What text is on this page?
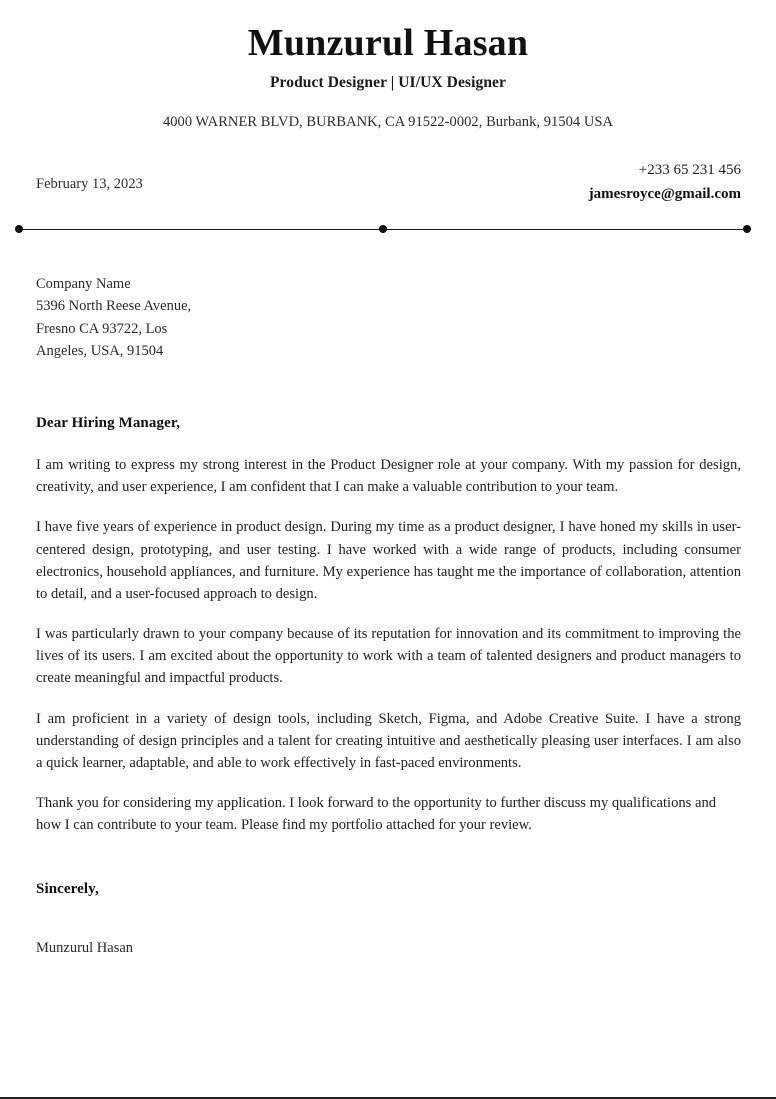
Munzurul Hasan
Product Designer | UI/UX Designer
4000 WARNER BLVD, BURBANK, CA 91522-0002, Burbank, 91504 USA
February 13, 2023
+233 65 231 456
jamesroyce@gmail.com
Company Name
5396 North Reese Avenue,
Fresno CA 93722, Los
Angeles, USA, 91504
Dear Hiring Manager,

I am writing to express my strong interest in the Product Designer role at your company. With my passion for design, creativity, and user experience, I am confident that I can make a valuable contribution to your team.

I have five years of experience in product design. During my time as a product designer, I have honed my skills in user-centered design, prototyping, and user testing. I have worked with a wide range of products, including consumer electronics, household appliances, and furniture. My experience has taught me the importance of collaboration, attention to detail, and a user-focused approach to design.

I was particularly drawn to your company because of its reputation for innovation and its commitment to improving the lives of its users. I am excited about the opportunity to work with a team of talented designers and product managers to create meaningful and impactful products.

I am proficient in a variety of design tools, including Sketch, Figma, and Adobe Creative Suite. I have a strong understanding of design principles and a talent for creating intuitive and aesthetically pleasing user interfaces. I am also a quick learner, adaptable, and able to work effectively in fast-paced environments.

Thank you for considering my application. I look forward to the opportunity to further discuss my qualifications and how I can contribute to your team. Please find my portfolio attached for your review.

Sincerely,
Munzurul Hasan
